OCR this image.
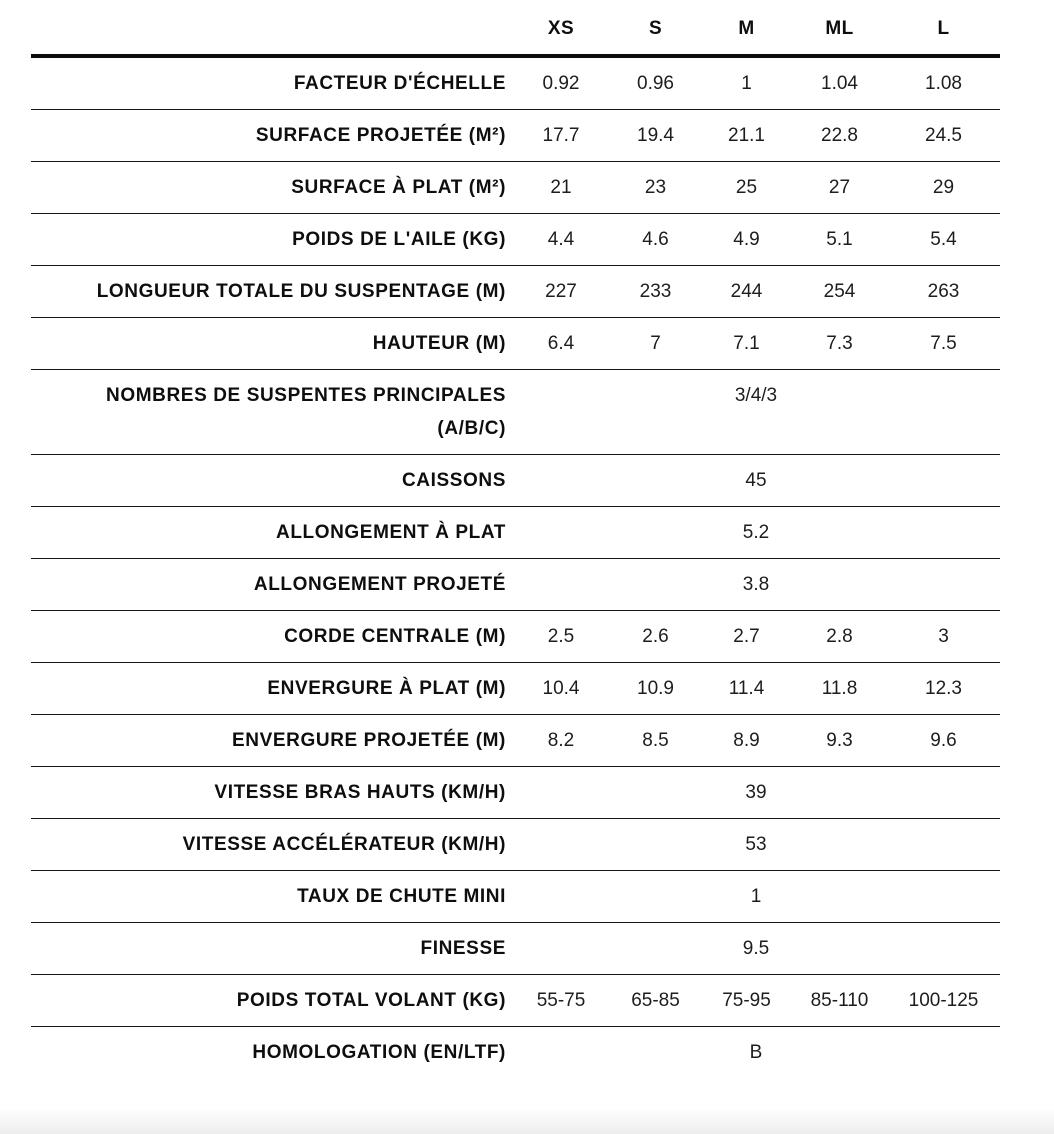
	XS	S	M	ML	L
FACTEUR D'ÉCHELLE	0.92	0.96	1	1.04	1.08
SURFACE PROJETÉE (M²)	17.7	19.4	21.1	22.8	24.5
SURFACE À PLAT (M²)	21	23	25	27	29
POIDS DE L'AILE (KG)	4.4	4.6	4.9	5.1	5.4
LONGUEUR TOTALE DU SUSPENTAGE (M)	227	233	244	254	263
HAUTEUR (M)	6.4	7	7.1	7.3	7.5
NOMBRES DE SUSPENTES PRINCIPALES (A/B/C)	3/4/3				
CAISSONS	45				
ALLONGEMENT À PLAT	5.2				
ALLONGEMENT PROJETÉ	3.8				
CORDE CENTRALE (M)	2.5	2.6	2.7	2.8	3
ENVERGURE À PLAT (M)	10.4	10.9	11.4	11.8	12.3
ENVERGURE PROJETÉE (M)	8.2	8.5	8.9	9.3	9.6
VITESSE BRAS HAUTS (KM/H)	39				
VITESSE ACCÉLÉRATEUR (KM/H)	53				
TAUX DE CHUTE MINI	1				
FINESSE	9.5				
POIDS TOTAL VOLANT (KG)	55-75	65-85	75-95	85-110	100-125
HOMOLOGATION (EN/LTF)	B				
